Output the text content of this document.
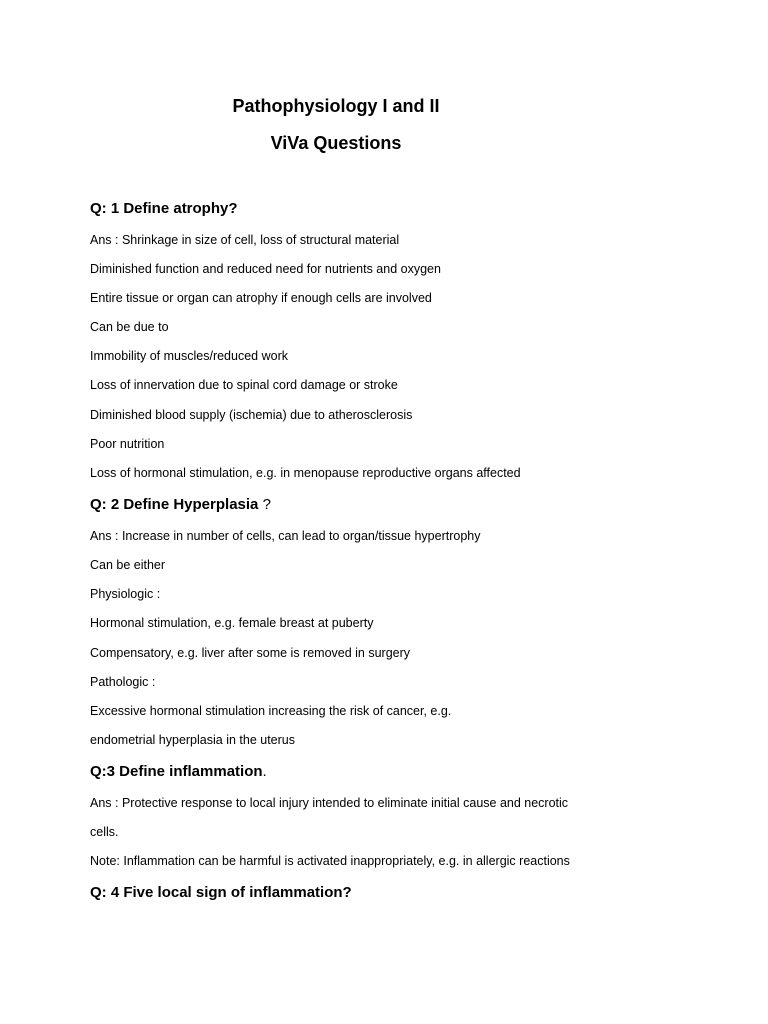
Pathophysiology I and II
ViVa Questions
Q: 1 Define atrophy?

Ans : Shrinkage in size of cell, loss of structural material

Diminished function and reduced need for nutrients and oxygen

Entire tissue or organ can atrophy if enough cells are involved

Can be due to

Immobility of muscles/reduced work

Loss of innervation due to spinal cord damage or stroke

Diminished blood supply (ischemia) due to atherosclerosis

Poor nutrition

Loss of hormonal stimulation, e.g. in menopause reproductive organs affected

Q: 2 Define Hyperplasia ?

Ans : Increase in number of cells, can lead to organ/tissue hypertrophy

Can be either

Physiologic :

Hormonal stimulation, e.g. female breast at puberty

Compensatory, e.g. liver after some is removed in surgery

Pathologic :

Excessive hormonal stimulation increasing the risk of cancer, e.g.

endometrial hyperplasia in the uterus

Q:3 Define inflammation.

Ans : Protective response to local injury intended to eliminate initial cause and necrotic

cells.

Note: Inflammation can be harmful is activated inappropriately, e.g. in allergic reactions

Q: 4 Five local sign of inflammation?
